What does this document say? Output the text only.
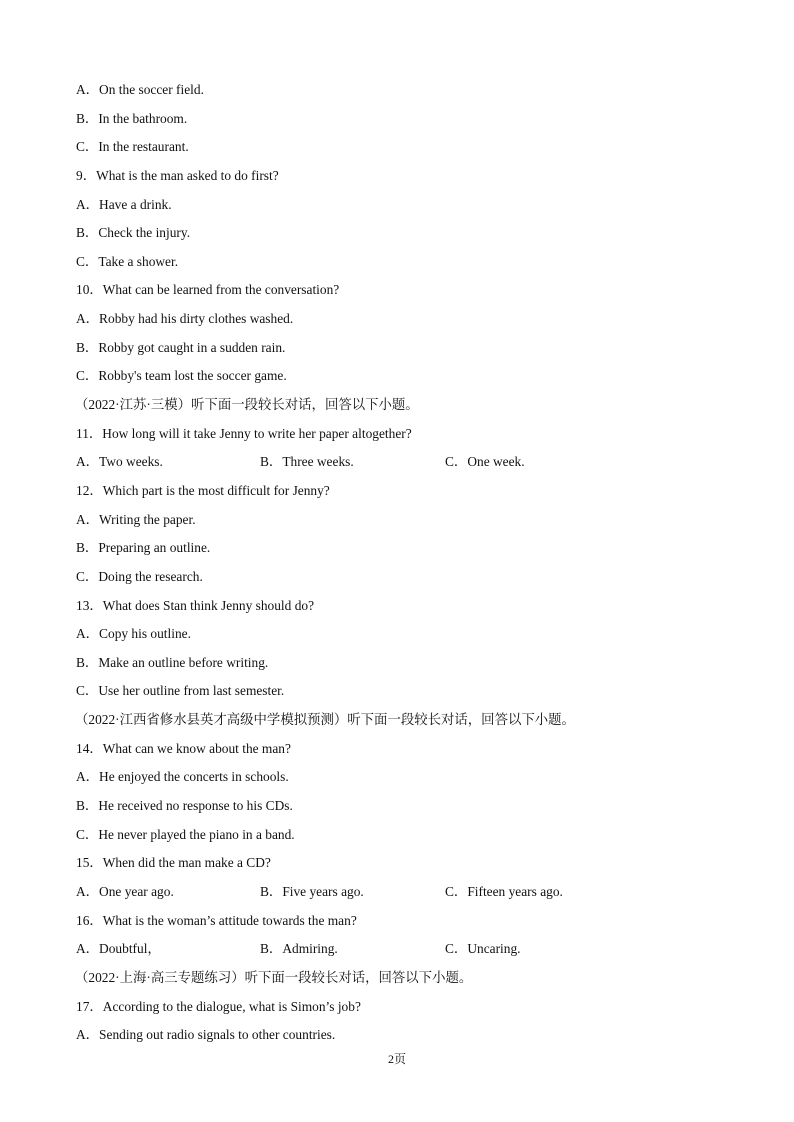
A．On the soccer field.
B．In the bathroom.
C．In the restaurant.
9．What is the man asked to do first?
A．Have a drink.
B．Check the injury.
C．Take a shower.
10．What can be learned from the conversation?
A．Robby had his dirty clothes washed.
B．Robby got caught in a sudden rain.
C．Robby's team lost the soccer game.
（2022·江苏·三模）听下面一段较长对话，回答以下小题。
11．How long will it take Jenny to write her paper altogether?
A．Two weeks.	B．Three weeks.	C．One week.
12．Which part is the most difficult for Jenny?
A．Writing the paper.
B．Preparing an outline.
C．Doing the research.
13．What does Stan think Jenny should do?
A．Copy his outline.
B．Make an outline before writing.
C．Use her outline from last semester.
（2022·江西省修水县英才高级中学模拟预测）听下面一段较长对话，回答以下小题。
14．What can we know about the man?
A．He enjoyed the concerts in schools.
B．He received no response to his CDs.
C．He never played the piano in a band.
15．When did the man make a CD?
A．One year ago.	B．Five years ago.	C．Fifteen years ago.
16．What is the woman’s attitude towards the man?
A．Doubtful，	B．Admiring.	C．Uncaring.
（2022·上海·高三专题练习）听下面一段较长对话，回答以下小题。
17．According to the dialogue, what is Simon’s job?
A．Sending out radio signals to other countries.
2页
